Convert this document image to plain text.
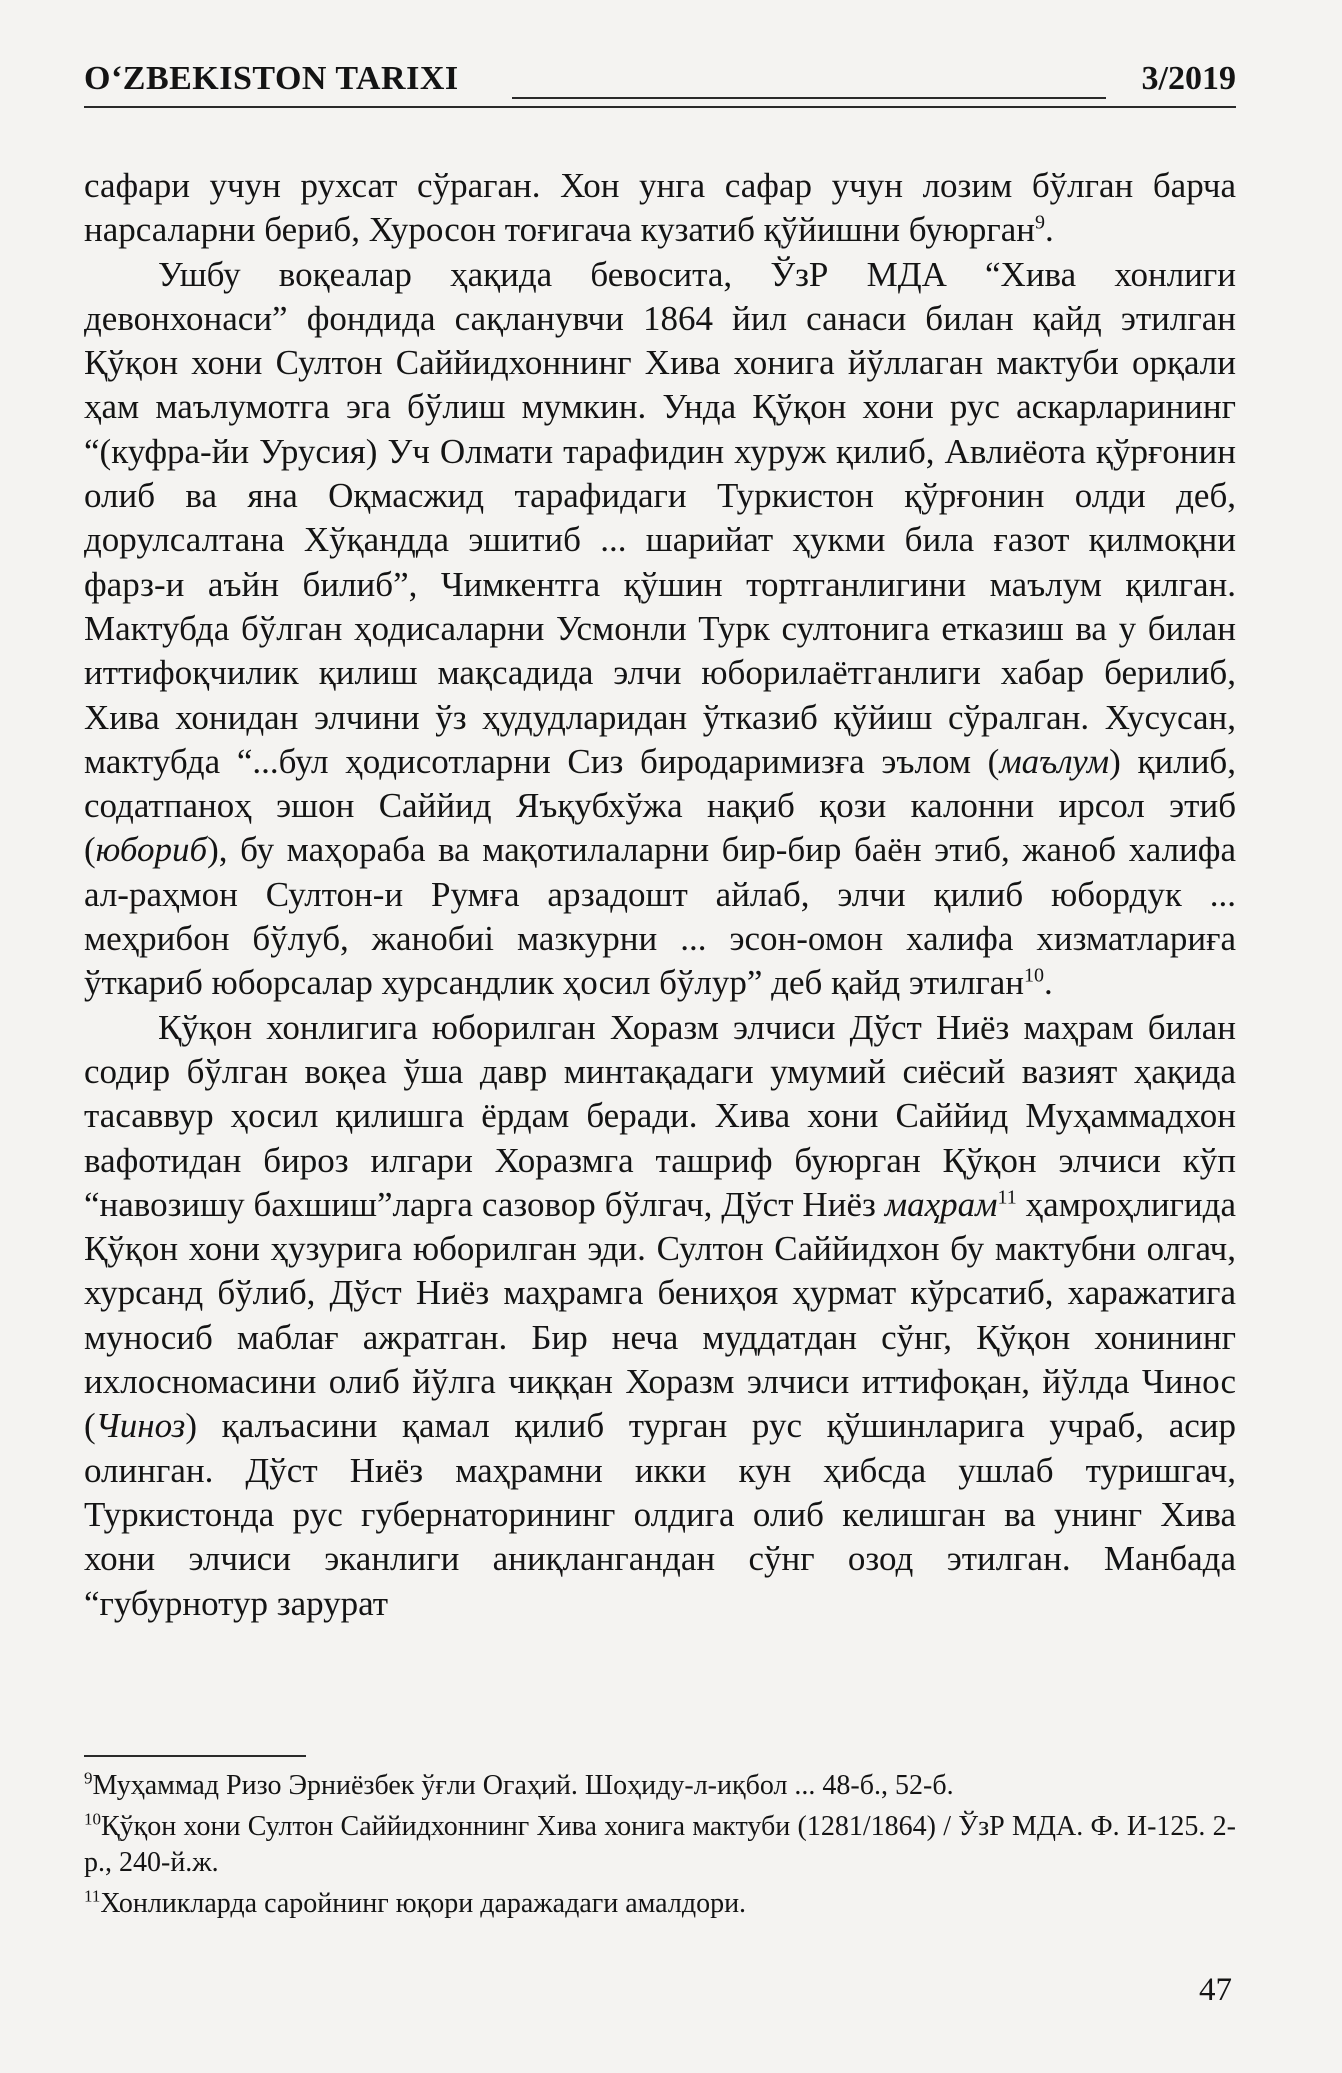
O‘ZBEKISTON TARIXI	3/2019

сафари учун рухсат сўраган. Хон унга сафар учун лозим бўлган барча нарсаларни бериб, Хуросон тоғигача кузатиб қўйишни буюрган$^9$.

Ушбу воқеалар ҳақида бевосита, ЎзР МДА “Хива хонлиги девонхонаси” фондида сақланувчи 1864 йил санаси билан қайд этилган Қўқон хони Султон Саййидхоннинг Хива хонига йўллаган мактуби орқали ҳам маълумотга эга бўлиш мумкин. Унда Қўқон хони рус аскарларининг “(куфра-йи Урусия) Уч Олмати тарафидин хуруж қилиб, Авлиёота қўрғонин олиб ва яна Оқмасжид тарафидаги Туркистон қўрғонин олди деб, дорулсалтана Хўқандда эшитиб ... шарийат ҳукми била ғазот қилмоқни фарз-и аъйн билиб”, Чимкентга қўшин тортганлигини маълум қилган. Мактубда бўлган ҳодисаларни Усмонли Турк султонига етказиш ва у билан иттифоқчилик қилиш мақсадида элчи юборилаётганлиги хабар берилиб, Хива хонидан элчини ўз ҳудудларидан ўтказиб қўйиш сўралган. Хусусан, мактубда “...бул ҳодисотларни Сиз биродаримизға эълом (маълум) қилиб, содатпаноҳ эшон Саййид Яъқубхўжа нақиб қози калонни ирсол этиб (юбориб), бу маҳораба ва мақотилаларни бир-бир баён этиб, жаноб халифа ал-раҳмон Султон-и Румға арзадошт айлаб, элчи қилиб юбордук ... меҳрибон бўлуб, жанобиi мазкурни ... эсон-омон халифа хизматлариға ўткариб юборсалар хурсандлик ҳосил бўлур” деб қайд этилган$^{10}$.

Қўқон хонлигига юборилган Хоразм элчиси Дўст Ниёз маҳрам билан содир бўлган воқеа ўша давр минтақадаги умумий сиёсий вазият ҳақида тасаввур ҳосил қилишга ёрдам беради. Хива хони Саййид Муҳаммадхон вафотидан бироз илгари Хоразмга ташриф буюрган Қўқон элчиси кўп “навозишу бахшиш”ларга сазовор бўлгач, Дўст Ниёз маҳрам$^{11}$ ҳамроҳлигида Қўқон хони ҳузурига юборилган эди. Султон Саййидхон бу мактубни олгач, хурсанд бўлиб, Дўст Ниёз маҳрамга бениҳоя ҳурмат кўрсатиб, харажатига муносиб маблағ ажратган. Бир неча муддатдан сўнг, Қўқон хонининг ихлосномасини олиб йўлга чиққан Хоразм элчиси иттифоқан, йўлда Чинос (Чиноз) қалъасини қамал қилиб турган рус қўшинларига учраб, асир олинган. Дўст Ниёз маҳрамни икки кун ҳибсда ушлаб туришгач, Туркистонда рус губернаторининг олдига олиб келишган ва унинг Хива хони элчиси эканлиги аниқлангандан сўнг озод этилган. Манбада “губурнотур зарурат

$^9$Муҳаммад Ризо Эрниёзбек ўғли Огаҳий. Шоҳиду-л-иқбол ... 48-б., 52-б.

$^{10}$Қўқон хони Султон Саййидхоннинг Хива хонига мактуби (1281/1864) / ЎзР МДА. Ф. И-125. 2-р., 240-й.ж.

$^{11}$Хонликларда саройнинг юқори даражадаги амалдори.

47
